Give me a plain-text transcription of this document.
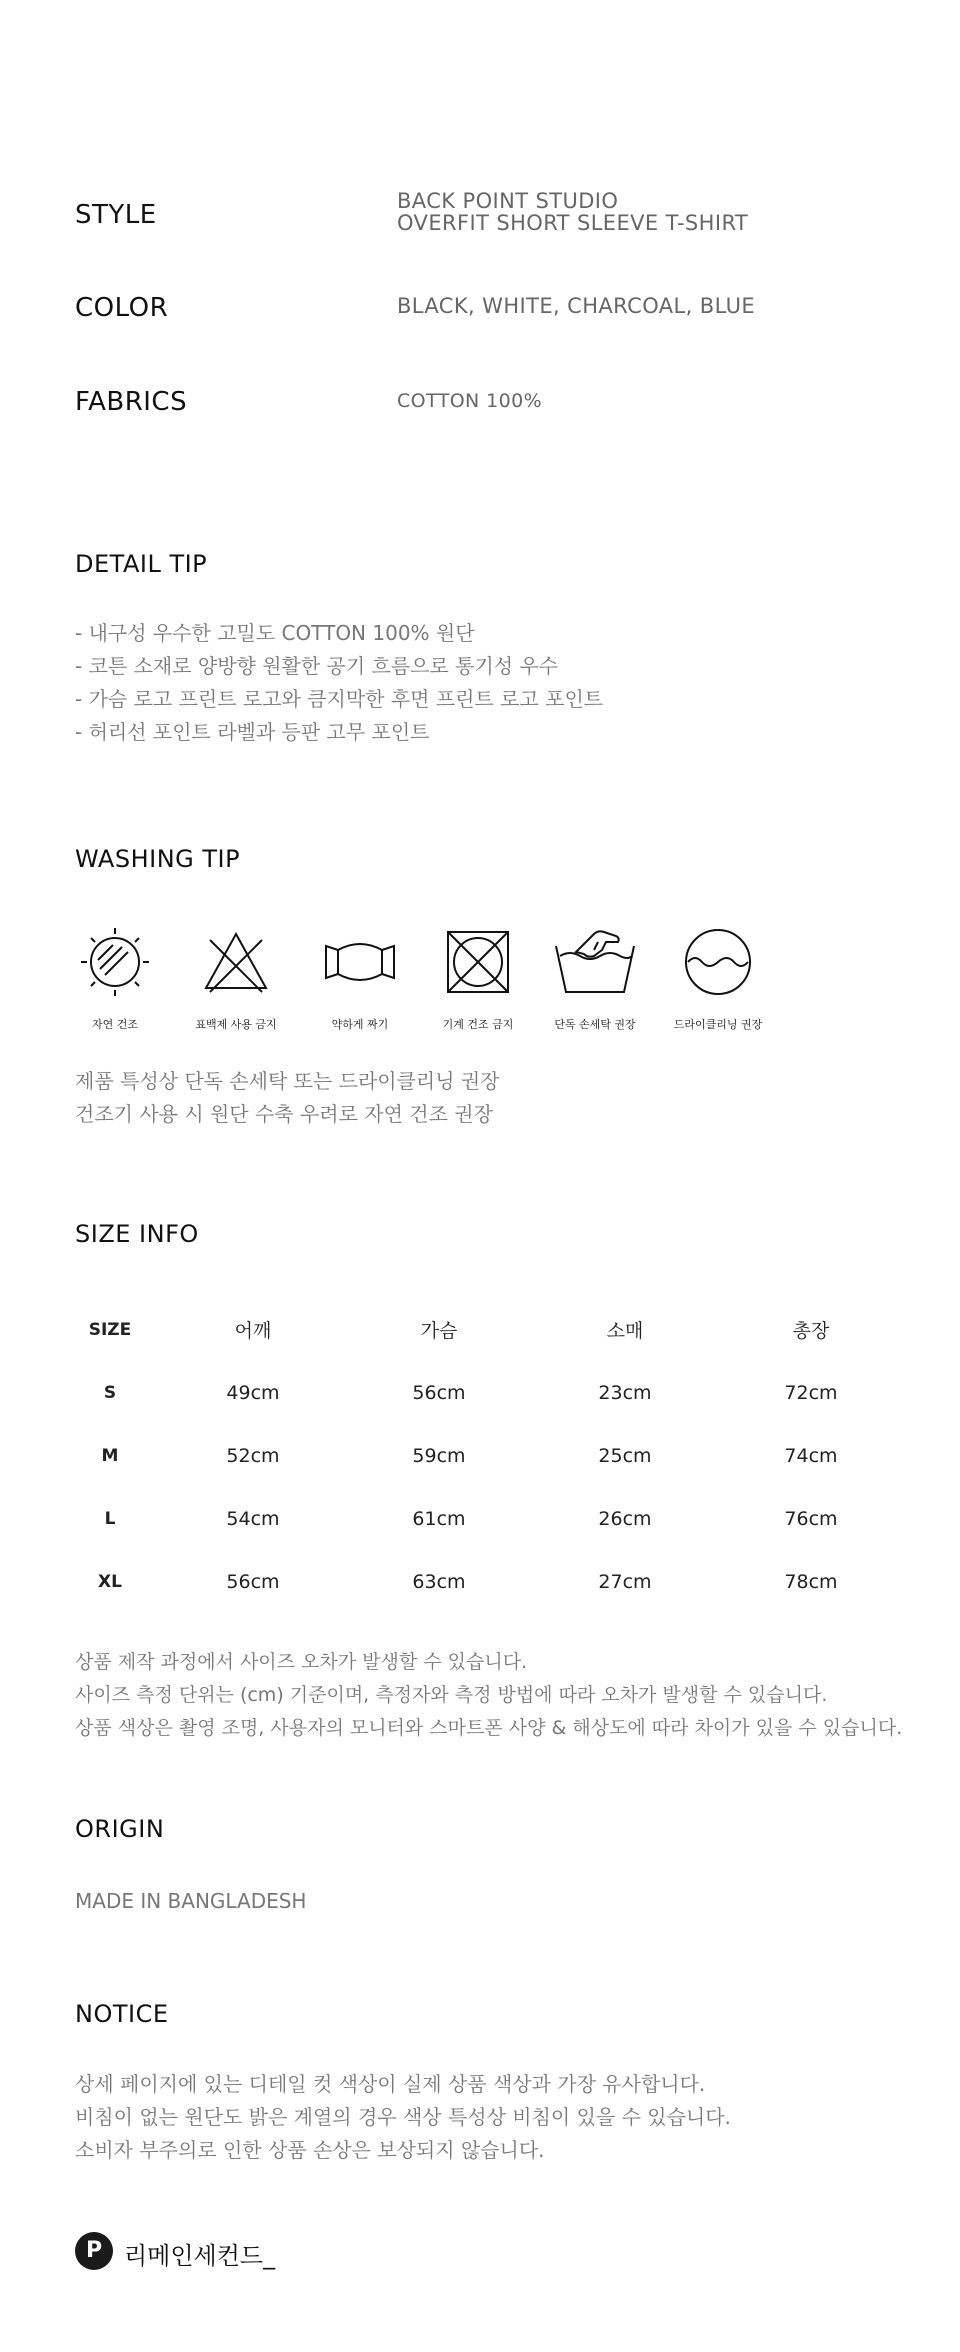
STYLE	BACK POINT STUDIO
OVERFIT SHORT SLEEVE T-SHIRT
COLOR	BLACK, WHITE, CHARCOAL, BLUE
FABRICS	COTTON 100%
DETAIL TIP
- 내구성 우수한 고밀도 COTTON 100% 원단
- 코튼 소재로 양방향 원활한 공기 흐름으로 통기성 우수
- 가슴 로고 프린트 로고와 큼지막한 후면 프린트 로고 포인트
- 허리선 포인트 라벨과 등판 고무 포인트
WASHING TIP
자연 건조	표백제 사용 금지	약하게 짜기	기계 건조 금지	단독 손세탁 권장	드라이클리닝 권장
제품 특성상 단독 손세탁 또는 드라이클리닝 권장
건조기 사용 시 원단 수축 우려로 자연 건조 권장
SIZE INFO
SIZE	어깨	가슴	소매	총장
S	49cm	56cm	23cm	72cm
M	52cm	59cm	25cm	74cm
L	54cm	61cm	26cm	76cm
XL	56cm	63cm	27cm	78cm
상품 제작 과정에서 사이즈 오차가 발생할 수 있습니다.
사이즈 측정 단위는 (cm) 기준이며, 측정자와 측정 방법에 따라 오차가 발생할 수 있습니다.
상품 색상은 촬영 조명, 사용자의 모니터와 스마트폰 사양 & 해상도에 따라 차이가 있을 수 있습니다.
ORIGIN
MADE IN BANGLADESH
NOTICE
상세 페이지에 있는 디테일 컷 색상이 실제 상품 색상과 가장 유사합니다.
비침이 없는 원단도 밝은 계열의 경우 색상 특성상 비침이 있을 수 있습니다.
소비자 부주의로 인한 상품 손상은 보상되지 않습니다.
P 리메인세컨드_
